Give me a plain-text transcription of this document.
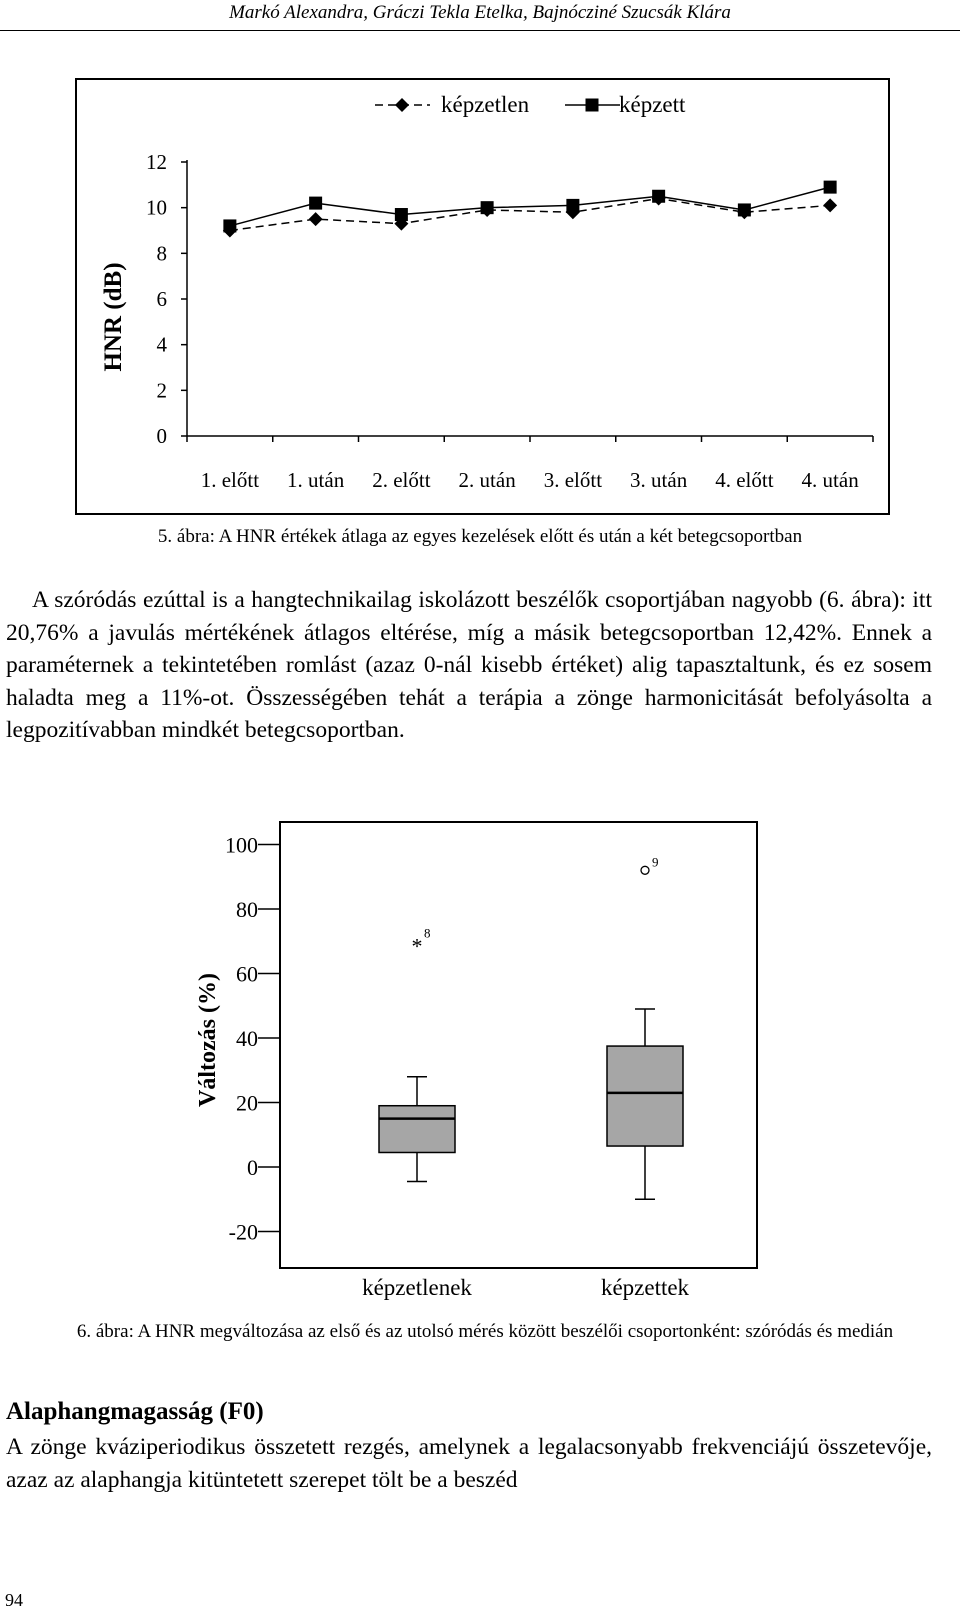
Markó Alexandra, Gráczi Tekla Etelka, Bajnócziné Szucsák Klára
0
2
4
6
8
10
12
1. előtt 1. után 2. előtt 2. után 3. előtt 3. után 4. előtt 4. után
HNR (dB)
képzetlen	képzett
5. ábra: A HNR értékek átlaga az egyes kezelések előtt és után a két betegcsoportban
A szóródás ezúttal is a hangtechnikailag iskolázott beszélők csoportjában nagyobb (6. ábra): itt 20,76% a javulás mértékének átlagos eltérése, míg a másik betegcsoportban 12,42%. Ennek a paraméternek a tekintetében romlást (azaz 0-nál kisebb értéket) alig tapasztaltunk, és ez sosem haladta meg a 11%-ot. Összességében tehát a terápia a zönge harmonicitását befolyásolta a legpozitívabban mindkét betegcsoportban.
-20
0
20
40
60
80
100
Változás (%)
*
8
képzetlenek
9
képzettek
6. ábra: A HNR megváltozása az első és az utolsó mérés között beszélői csoportonként: szóródás és medián
Alaphangmagasság (F0)
A zönge kváziperiodikus összetett rezgés, amelynek a legalacsonyabb frekvenciájú összetevője, azaz az alaphangja kitüntetett szerepet tölt be a beszéd
94
